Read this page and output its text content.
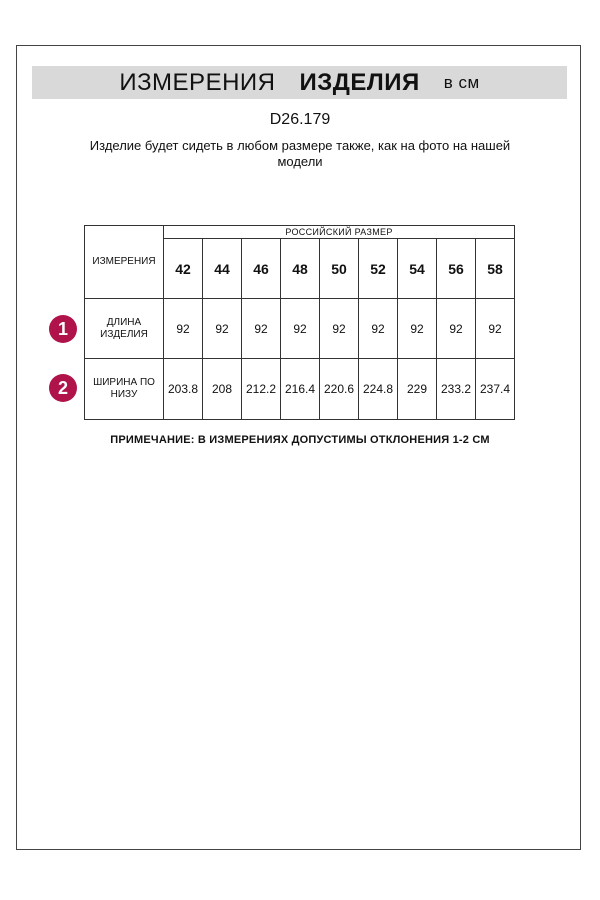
ИЗМЕРЕНИЯ ИЗДЕЛИЯ в см
D26.179
Изделие будет сидеть в любом размере также, как на фото на нашей модели
ИЗМЕРЕНИЯ	РОССИЙСКИЙ РАЗМЕР								
	42	44	46	48	50	52	54	56	58
ДЛИНА ИЗДЕЛИЯ	92	92	92	92	92	92	92	92	92
ШИРИНА ПО НИЗУ	203.8	208	212.2	216.4	220.6	224.8	229	233.2	237.4
1
2
ПРИМЕЧАНИЕ: В ИЗМЕРЕНИЯХ ДОПУСТИМЫ ОТКЛОНЕНИЯ 1-2 СМ
